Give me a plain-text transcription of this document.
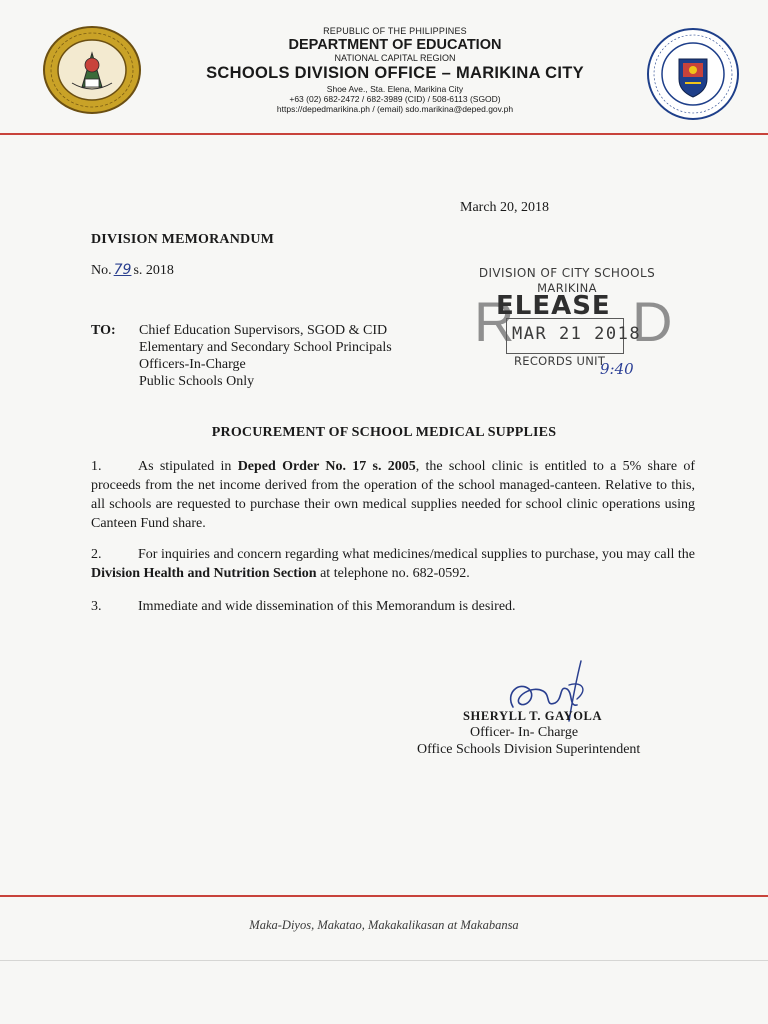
REPUBLIC OF THE PHILIPPINES
DEPARTMENT OF EDUCATION
NATIONAL CAPITAL REGION
SCHOOLS DIVISION OFFICE – MARIKINA CITY
Shoe Ave., Sta. Elena, Marikina City
+63 (02) 682-2472 / 682-3989 (CID) / 508-6113 (SGOD)
https://depedmarikina.ph / (email) sdo.marikina@deped.gov.ph
March 20, 2018
DIVISION MEMORANDUM
No. 79 s. 2018	DIVISION OF CITY SCHOOLS
MARIKINA
R
ELEASE D
MAR 21 2018
RECORDS UNIT
9:40
TO: Chief Education Supervisors, SGOD & CID
Elementary and Secondary School Principals
Officers-In-Charge
Public Schools Only
PROCUREMENT OF SCHOOL MEDICAL SUPPLIES
1.	As stipulated in Deped Order No. 17 s. 2005, the school clinic is entitled to a 5% share of proceeds from the net income derived from the operation of the school managed-canteen. Relative to this, all schools are requested to purchase their own medical supplies needed for school clinic operations using Canteen Fund share.
2.	For inquiries and concern regarding what medicines/medical supplies to purchase, you may call the Division Health and Nutrition Section at telephone no. 682-0592.
3.	Immediate and wide dissemination of this Memorandum is desired.
SHERYLL T. GAYOLA
Officer- In- Charge
Office Schools Division Superintendent
Maka-Diyos, Makatao, Makakalikasan at Makabansa
